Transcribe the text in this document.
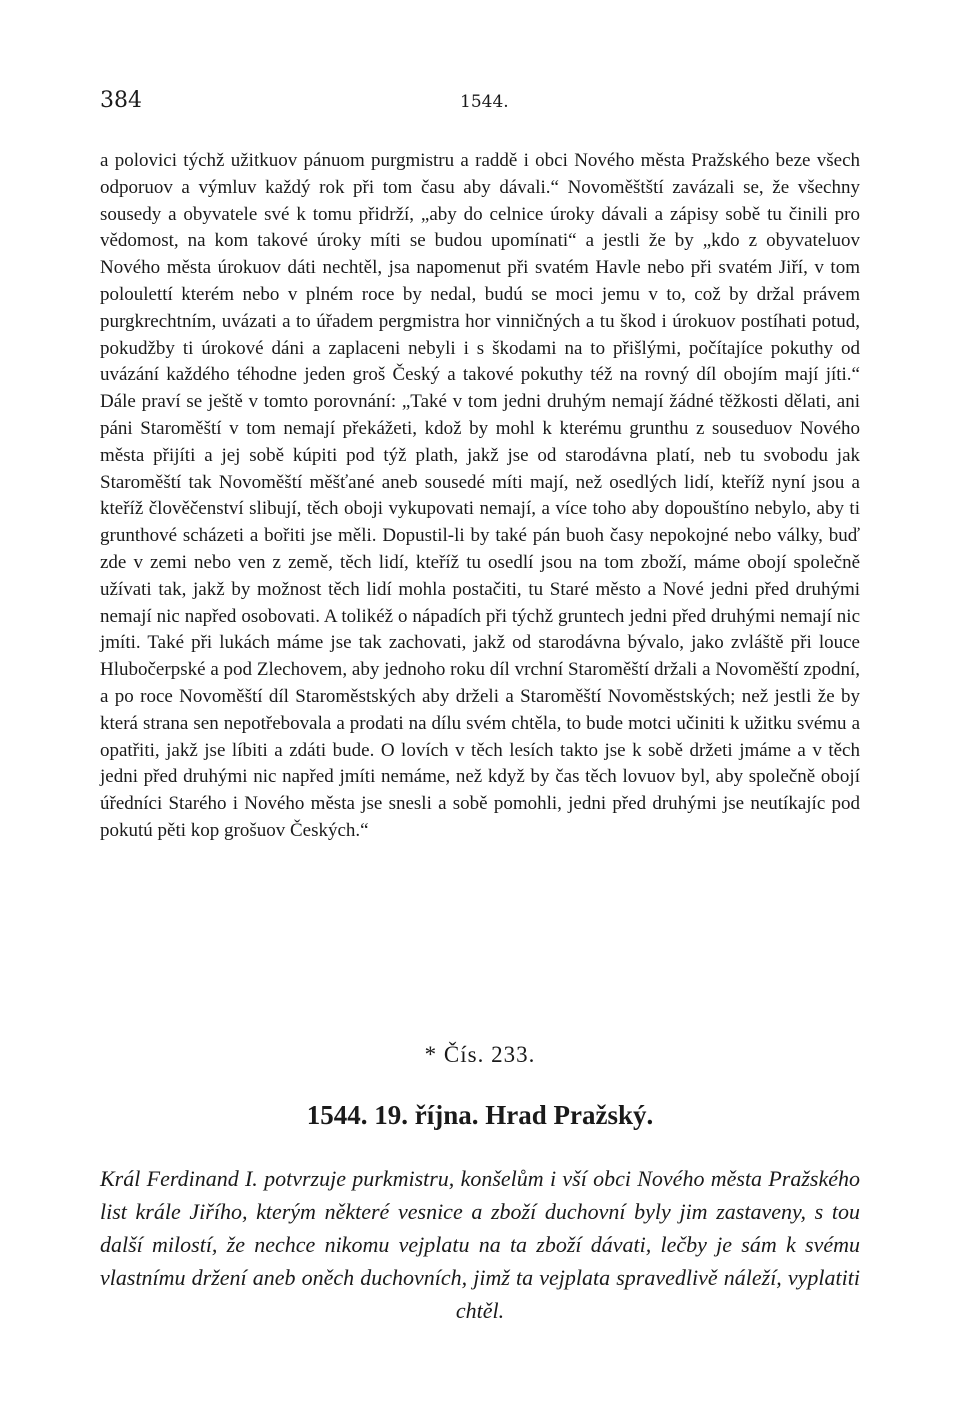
384	1544.

a polovici týchž užitkuov pánuom purgmistru a raddě i obci Nového města Pražského beze všech odporuov a výmluv každý rok při tom času aby dávali.“ Novoměštští zavázali se, že všechny sousedy a obyvatele své k tomu přidrží, „aby do celnice úroky dávali a zápisy sobě tu činili pro vědomost, na kom takové úroky míti se budou upomínati“ a jestli že by „kdo z obyvateluov Nového města úrokuov dáti nechtěl, jsa napomenut při svatém Havle nebo při svatém Jiří, v tom poloulettí kterém nebo v plném roce by nedal, budú se moci jemu v to, což by držal právem purgkrechtním, uvázati a to úřadem pergmistra hor vinničných a tu škod i úrokuov postíhati potud, pokudžby ti úrokové dáni a zaplaceni nebyli i s škodami na to přišlými, počítajíce pokuthy od uvázání každého téhodne jeden groš Český a takové pokuthy též na rovný díl obojím mají jíti.“ Dále praví se ještě v tomto porovnání: „Také v tom jedni druhým nemají žádné těžkosti dělati, ani páni Staroměští v tom nemají překážeti, kdož by mohl k kterému grunthu z souseduov Nového města přijíti a jej sobě kúpiti pod týž plath, jakž jse od starodávna platí, neb tu svobodu jak Staroměští tak Novoměští měšťané aneb sousedé míti mají, než osedlých lidí, kteříž nyní jsou a kteříž člověčenství slibují, těch oboji vykupovati nemají, a více toho aby dopouštíno nebylo, aby ti grunthové scházeti a bořiti jse měli. Dopustil-li by také pán buoh časy nepokojné nebo války, buď zde v zemi nebo ven z země, těch lidí, kteříž tu osedlí jsou na tom zboží, máme obojí společně užívati tak, jakž by možnost těch lidí mohla postačiti, tu Staré město a Nové jedni před druhými nemají nic napřed osobovati. A tolikéž o nápadích při týchž gruntech jedni před druhými nemají nic jmíti. Také při lukách máme jse tak zachovati, jakž od starodávna bývalo, jako zvláště při louce Hlubočerpské a pod Zlechovem, aby jednoho roku díl vrchní Staroměští držali a Novoměští zpodní, a po roce Novoměští díl Staroměstských aby drželi a Staroměští Novoměstských; než jestli že by která strana sen nepotřebovala a prodati na dílu svém chtěla, to bude motci učiniti k užitku svému a opatřiti, jakž jse líbiti a zdáti bude. O lovích v těch lesích takto jse k sobě držeti jmáme a v těch jedni před druhými nic napřed jmíti nemáme, než když by čas těch lovuov byl, aby společně obojí úředníci Starého i Nového města jse snesli a sobě pomohli, jedni před druhými jse neutíkajíc pod pokutú pěti kop grošuov Českých.“

* Čís. 233.
1544. 19. října. Hrad Pražský.

Král Ferdinand I. potvrzuje purkmistru, konšelům i vší obci Nového města Pražského list krále Jiřího, kterým některé vesnice a zboží duchovní byly jim zastaveny, s tou další milostí, že nechce nikomu vejplatu na ta zboží dávati, lečby je sám k svému vlastnímu držení aneb oněch duchovních, jimž ta vejplata spravedlivě náleží, vyplatiti chtěl.
